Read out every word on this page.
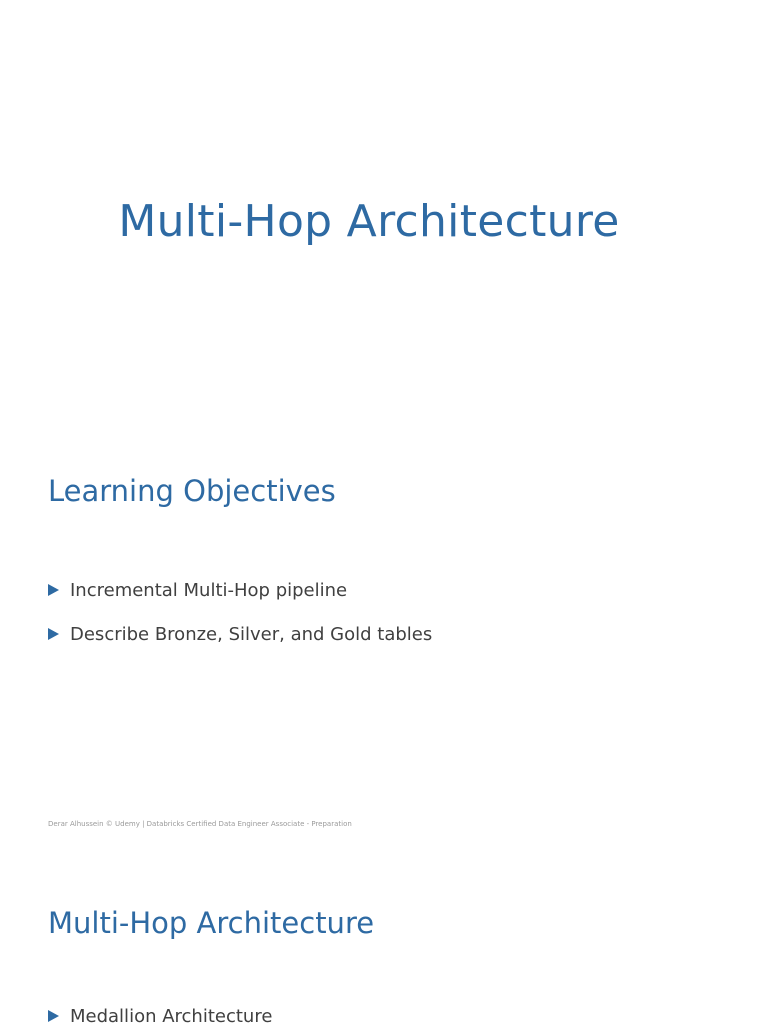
Multi-Hop Architecture
Learning Objectives
Incremental Multi-Hop pipeline
Describe Bronze, Silver, and Gold tables
Derar Alhussein © Udemy | Databricks Certified Data Engineer Associate - Preparation
Multi-Hop Architecture
Medallion Architecture
